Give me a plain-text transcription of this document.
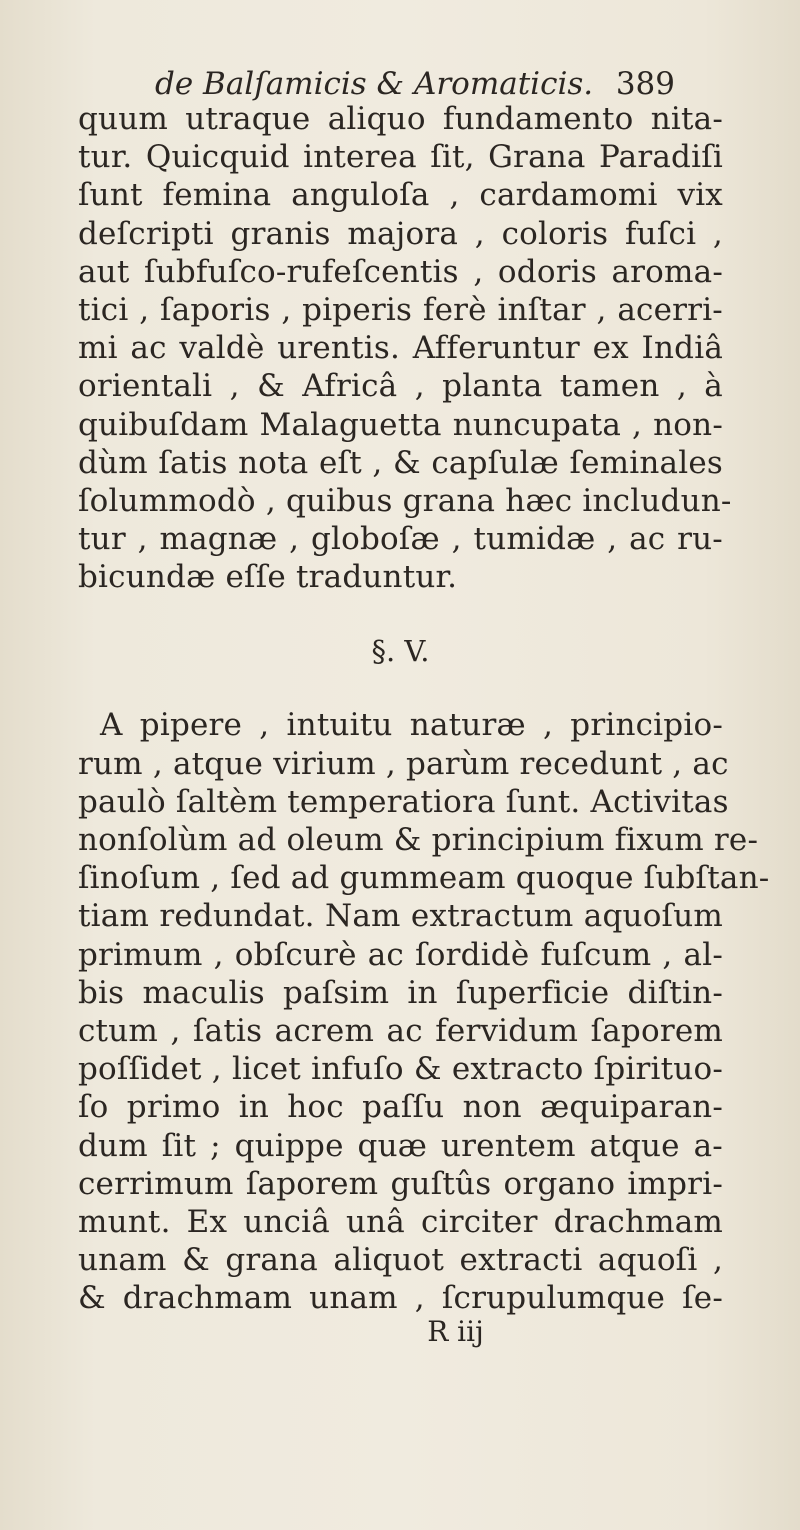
de Balſamicis & Aromaticis. 389
quum utraque aliquo fundamento nita-
tur. Quicquid interea ſit, Grana Paradiſi
ſunt femina anguloſa , cardamomi vix
deſcripti granis majora , coloris fuſci ,
aut ſubfuſco-rufeſcentis , odoris aroma-
tici , ſaporis , piperis ferè inſtar , acerri-
mi ac valdè urentis. Afferuntur ex Indiâ
orientali , & Africâ , planta tamen , à
quibuſdam Malaguetta nuncupata , non-
dùm ſatis nota eſt , & capſulæ ſeminales
ſolummodò , quibus grana hæc includun-
tur , magnæ , globoſæ , tumidæ , ac ru-
bicundæ eſſe traduntur.
§. V.
A pipere , intuitu naturæ , principio-
rum , atque virium , parùm recedunt , ac
paulò ſaltèm temperatiora ſunt. Activitas
nonſolùm ad oleum & principium fixum re-
ſinoſum , ſed ad gummeam quoque ſubſtan-
tiam redundat. Nam extractum aquoſum
primum , obſcurè ac ſordidè fuſcum , al-
bis maculis paſsim in ſuperficie diſtin-
ctum , ſatis acrem ac fervidum ſaporem
poſſidet , licet infuſo & extracto ſpirituo-
ſo primo in hoc paſſu non æquiparan-
dum ſit ; quippe quæ urentem atque a-
cerrimum ſaporem guſtûs organo impri-
munt. Ex unciâ unâ circiter drachmam
unam & grana aliquot extracti aquoſi ,
& drachmam unam , ſcrupulumque ſe-
R iij
